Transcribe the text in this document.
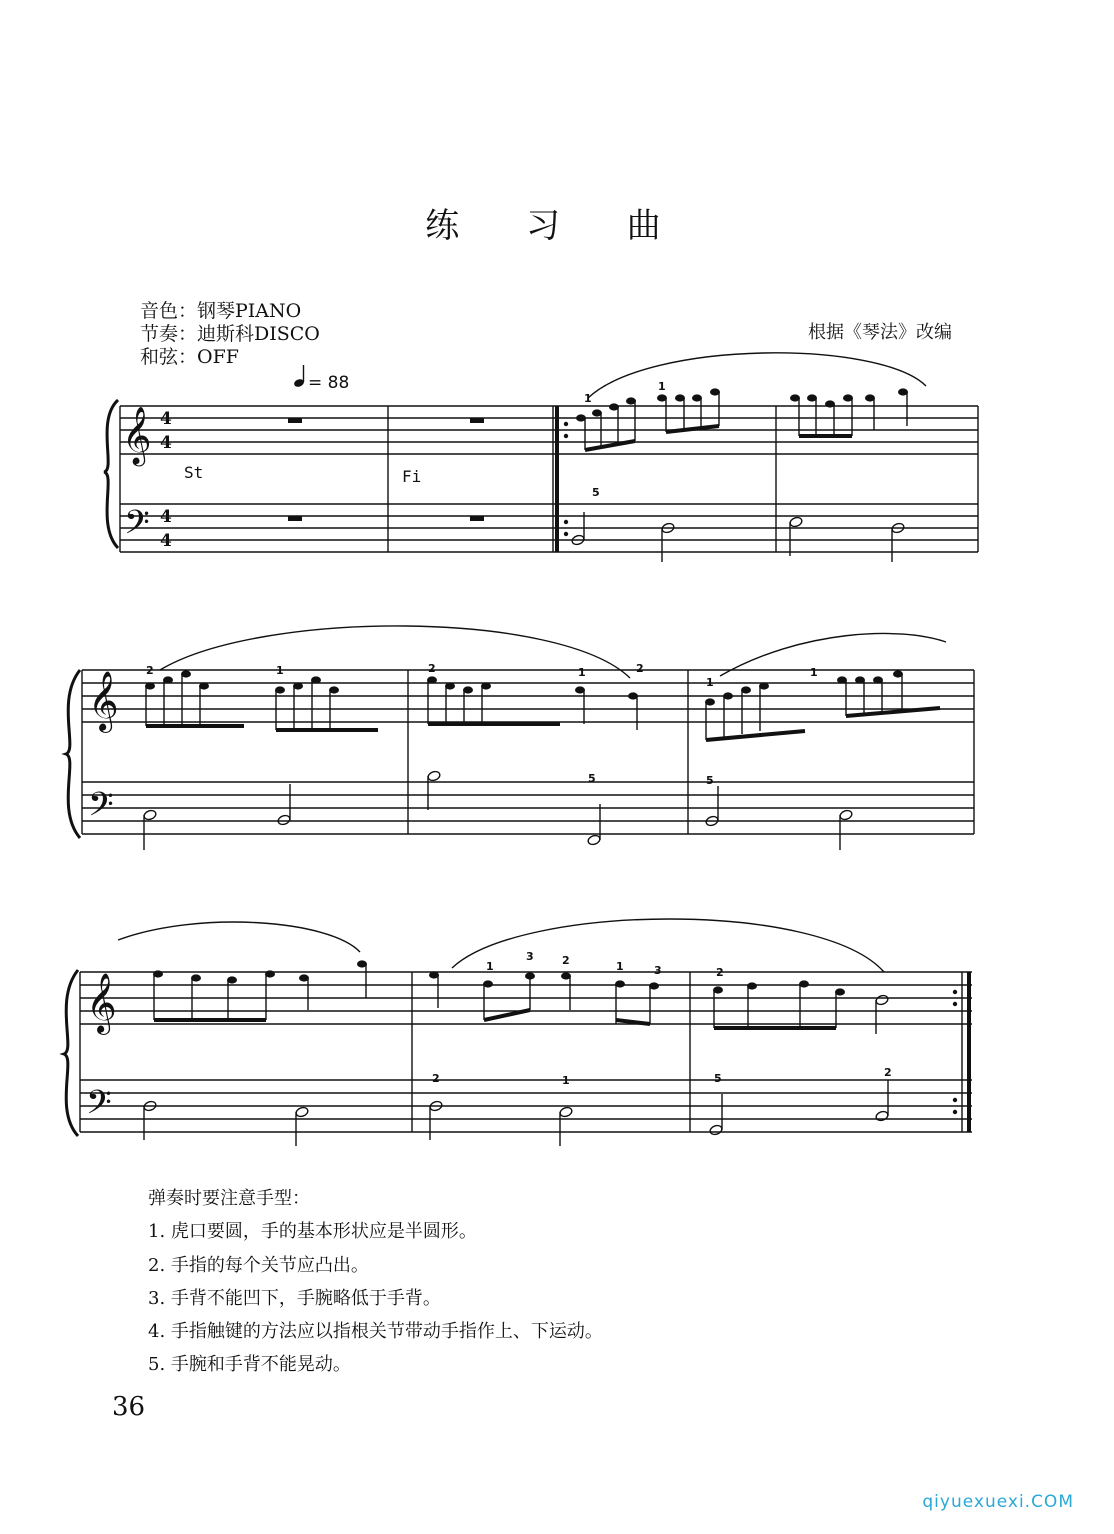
练 习 曲
音色：钢琴PIANO
节奏：迪斯科DISCO
和弦：OFF
根据《琴法》改编
𝄞
𝄢
4
4
4
4
𝄞
𝄢
𝄞
𝄢
= 88
St	Fi
1
1
5
2	1	2	1	2
5
1
1
5
1
3	2	1	3
2	1
2
5	2
弹奏时要注意手型：
1. 虎口要圆，手的基本形状应是半圆形。
2. 手指的每个关节应凸出。
3. 手背不能凹下，手腕略低于手背。
4. 手指触键的方法应以指根关节带动手指作上、下运动。
5. 手腕和手背不能晃动。
36
qiyuexuexi.COM
